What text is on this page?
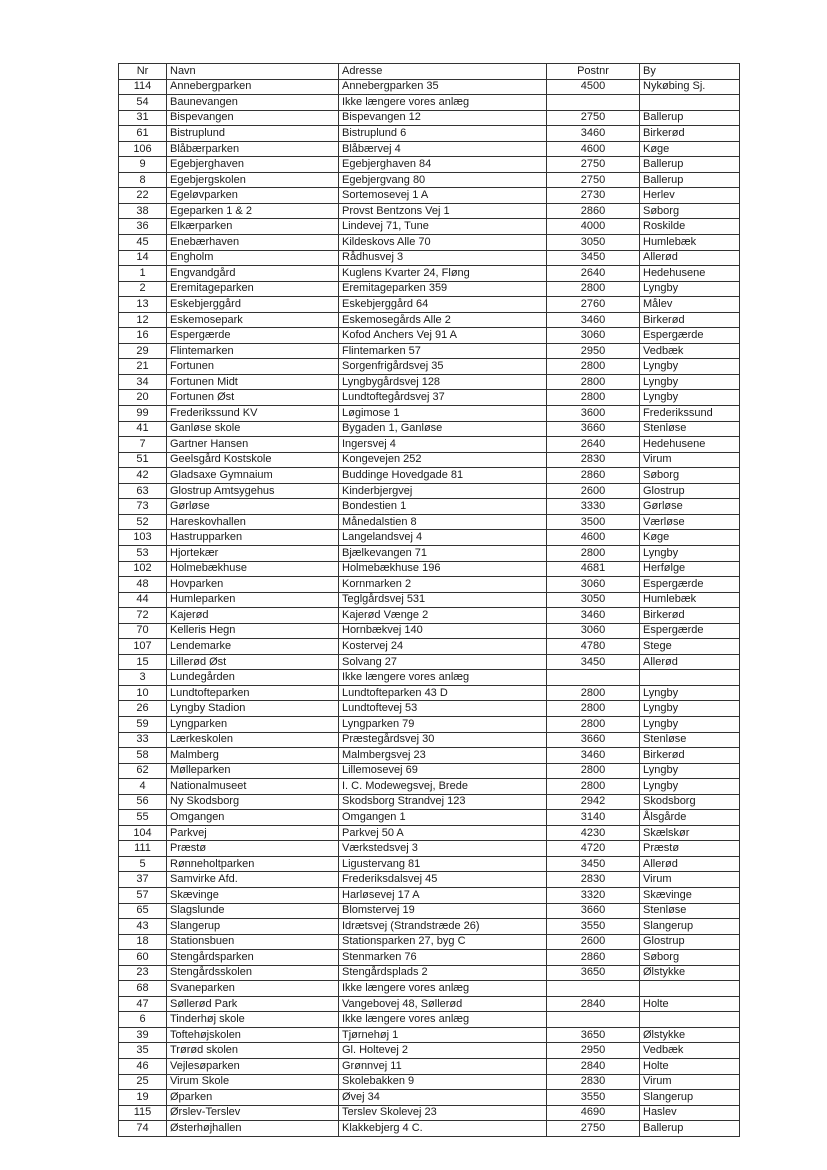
Nr	Navn	Adresse	Postnr	By
114	Annebergparken	Annebergparken 35	4500	Nykøbing Sj.
54	Baunevangen	Ikke længere vores anlæg		
31	Bispevangen	Bispevangen 12	2750	Ballerup
61	Bistruplund	Bistruplund 6	3460	Birkerød
106	Blåbærparken	Blåbærvej 4	4600	Køge
9	Egebjerghaven	Egebjerghaven 84	2750	Ballerup
8	Egebjergskolen	Egebjergvang 80	2750	Ballerup
22	Egeløvparken	Sortemosevej 1 A	2730	Herlev
38	Egeparken 1 & 2	Provst Bentzons Vej 1	2860	Søborg
36	Elkærparken	Lindevej 71, Tune	4000	Roskilde
45	Enebærhaven	Kildeskovs Alle 70	3050	Humlebæk
14	Engholm	Rådhusvej 3	3450	Allerød
1	Engvandgård	Kuglens Kvarter 24, Fløng	2640	Hedehusene
2	Eremitageparken	Eremitageparken 359	2800	Lyngby
13	Eskebjerggård	Eskebjerggård 64	2760	Målev
12	Eskemosepark	Eskemosegårds Alle 2	3460	Birkerød
16	Espergærde	Kofod Anchers Vej 91 A	3060	Espergærde
29	Flintemarken	Flintemarken 57	2950	Vedbæk
21	Fortunen	Sorgenfrigårdsvej 35	2800	Lyngby
34	Fortunen Midt	Lyngbygårdsvej 128	2800	Lyngby
20	Fortunen Øst	Lundtoftegårdsvej 37	2800	Lyngby
99	Frederikssund KV	Løgimose 1	3600	Frederikssund
41	Ganløse skole	Bygaden 1, Ganløse	3660	Stenløse
7	Gartner Hansen	Ingersvej 4	2640	Hedehusene
51	Geelsgård Kostskole	Kongevejen 252	2830	Virum
42	Gladsaxe Gymnaium	Buddinge Hovedgade 81	2860	Søborg
63	Glostrup Amtsygehus	Kinderbjergvej	2600	Glostrup
73	Gørløse	Bondestien 1	3330	Gørløse
52	Hareskovhallen	Månedalstien 8	3500	Værløse
103	Hastrupparken	Langelandsvej 4	4600	Køge
53	Hjortekær	Bjælkevangen 71	2800	Lyngby
102	Holmebækhuse	Holmebækhuse 196	4681	Herfølge
48	Hovparken	Kornmarken 2	3060	Espergærde
44	Humleparken	Teglgårdsvej 531	3050	Humlebæk
72	Kajerød	Kajerød Vænge 2	3460	Birkerød
70	Kelleris Hegn	Hornbækvej 140	3060	Espergærde
107	Lendemarke	Kostervej 24	4780	Stege
15	Lillerød Øst	Solvang 27	3450	Allerød
3	Lundegården	Ikke længere vores anlæg		
10	Lundtofteparken	Lundtofteparken 43 D	2800	Lyngby
26	Lyngby Stadion	Lundtoftevej 53	2800	Lyngby
59	Lyngparken	Lyngparken 79	2800	Lyngby
33	Lærkeskolen	Præstegårdsvej 30	3660	Stenløse
58	Malmberg	Malmbergsvej 23	3460	Birkerød
62	Mølleparken	Lillemosevej 69	2800	Lyngby
4	Nationalmuseet	I. C. Modewegsvej, Brede	2800	Lyngby
56	Ny Skodsborg	Skodsborg Strandvej 123	2942	Skodsborg
55	Omgangen	Omgangen 1	3140	Ålsgårde
104	Parkvej	Parkvej 50 A	4230	Skælskør
111	Præstø	Værkstedsvej 3	4720	Præstø
5	Rønneholtparken	Ligustervang 81	3450	Allerød
37	Samvirke Afd.	Frederiksdalsvej 45	2830	Virum
57	Skævinge	Harløsevej 17 A	3320	Skævinge
65	Slagslunde	Blomstervej 19	3660	Stenløse
43	Slangerup	Idrætsvej (Strandstræde 26)	3550	Slangerup
18	Stationsbuen	Stationsparken 27, byg C	2600	Glostrup
60	Stengårdsparken	Stenmarken 76	2860	Søborg
23	Stengårdsskolen	Stengårdsplads 2	3650	Ølstykke
68	Svaneparken	Ikke længere vores anlæg		
47	Søllerød Park	Vangebovej 48, Søllerød	2840	Holte
6	Tinderhøj skole	Ikke længere vores anlæg		
39	Toftehøjskolen	Tjørnehøj 1	3650	Ølstykke
35	Trørød skolen	Gl. Holtevej 2	2950	Vedbæk
46	Vejlesøparken	Grønnvej 11	2840	Holte
25	Virum Skole	Skolebakken 9	2830	Virum
19	Øparken	Øvej 34	3550	Slangerup
115	Ørslev-Terslev	Terslev Skolevej 23	4690	Haslev
74	Østerhøjhallen	Klakkebjerg 4 C.	2750	Ballerup
